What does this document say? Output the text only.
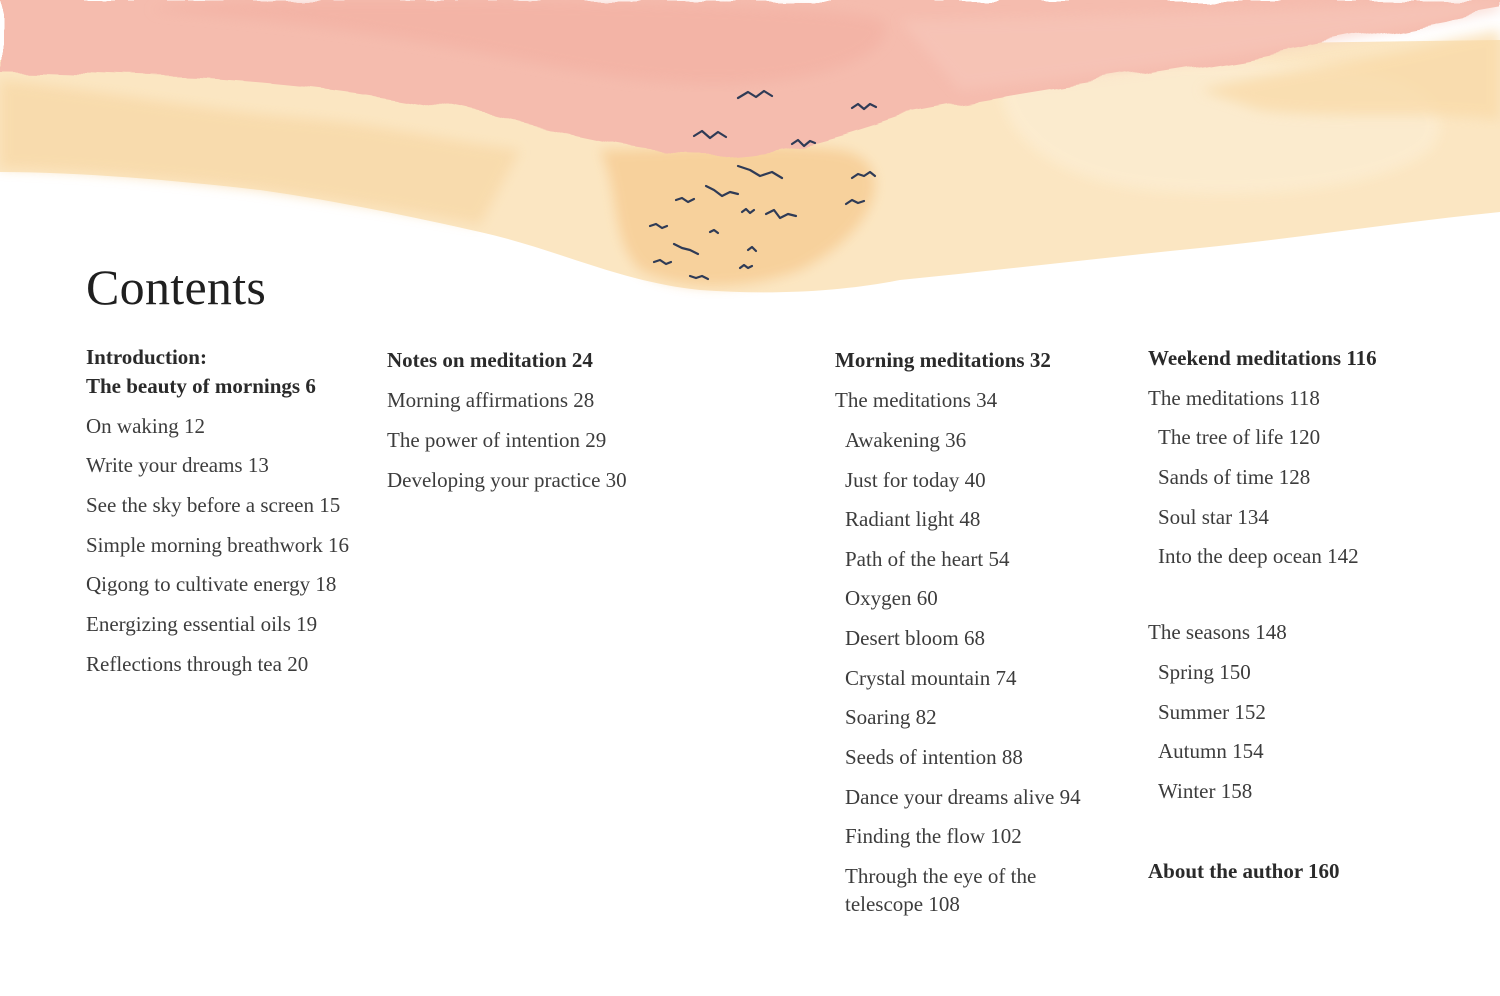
Contents
Introduction:
The beauty of mornings 6
On waking 12
Write your dreams 13
See the sky before a screen 15
Simple morning breathwork 16
Qigong to cultivate energy 18
Energizing essential oils 19
Reflections through tea 20
Notes on meditation 24
Morning affirmations 28
The power of intention 29
Developing your practice 30
Morning meditations 32
The meditations 34
Awakening 36
Just for today 40
Radiant light 48
Path of the heart 54
Oxygen 60
Desert bloom 68
Crystal mountain 74
Soaring 82
Seeds of intention 88
Dance your dreams alive 94
Finding the flow 102
Through the eye of the
telescope 108
Weekend meditations 116
The meditations 118
The tree of life 120
Sands of time 128
Soul star 134
Into the deep ocean 142
The seasons 148
Spring 150
Summer 152
Autumn 154
Winter 158
About the author 160
